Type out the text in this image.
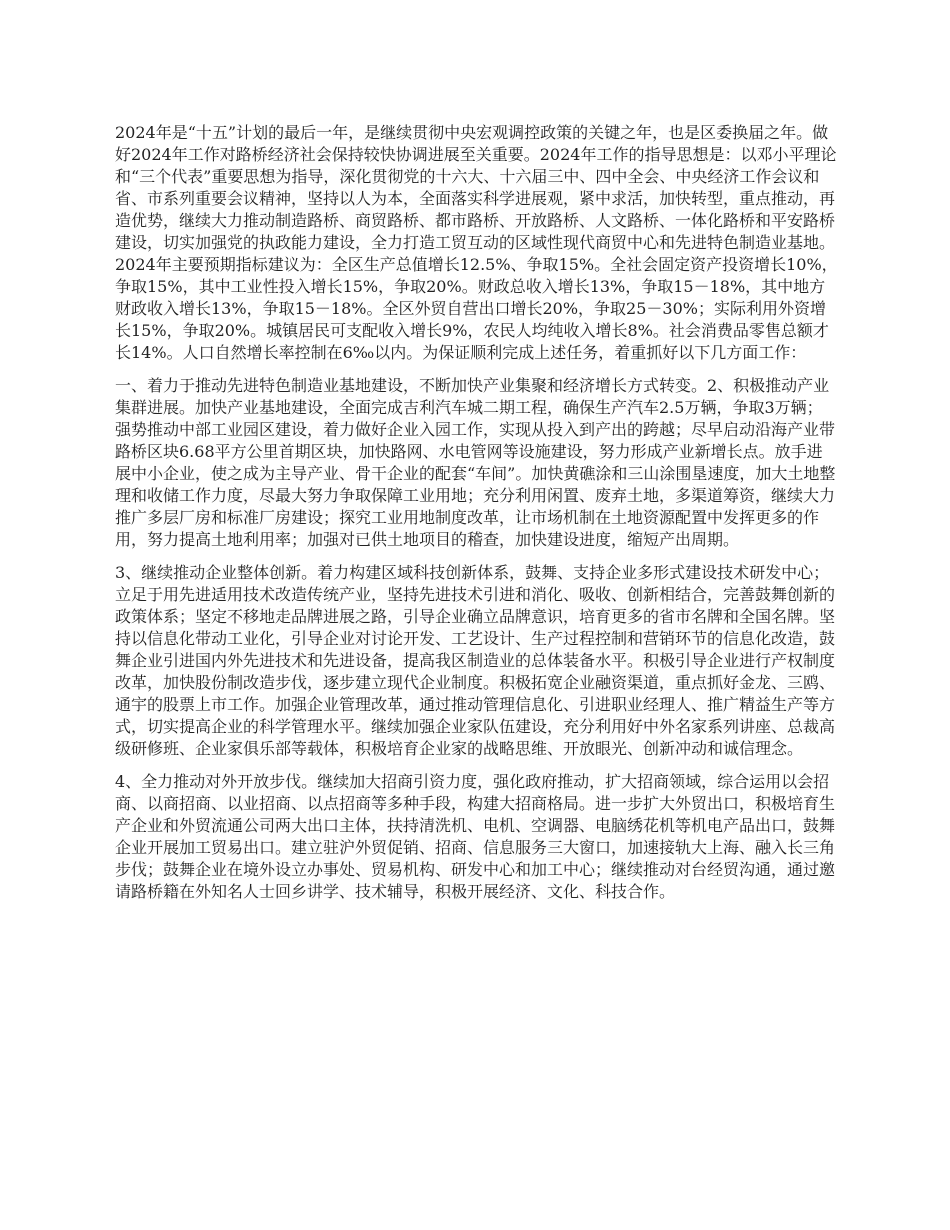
2024年是“十五”计划的最后一年，是继续贯彻中央宏观调控政策的关键之年，也是区委换届之年。做好2024年工作对路桥经济社会保持较快协调进展至关重要。2024年工作的指导思想是：以邓小平理论和“三个代表”重要思想为指导，深化贯彻党的十六大、十六届三中、四中全会、中央经济工作会议和省、市系列重要会议精神，坚持以人为本，全面落实科学进展观，紧中求活，加快转型，重点推动，再造优势，继续大力推动制造路桥、商贸路桥、都市路桥、开放路桥、人文路桥、一体化路桥和平安路桥建设，切实加强党的执政能力建设，全力打造工贸互动的区域性现代商贸中心和先进特色制造业基地。2024年主要预期指标建议为：全区生产总值增长12.5%、争取15%。全社会固定资产投资增长10%，争取15%，其中工业性投入增长15%，争取20%。财政总收入增长13%，争取15－18%，其中地方财政收入增长13%，争取15－18%。全区外贸自营出口增长20%，争取25－30%；实际利用外资增长15%，争取20%。城镇居民可支配收入增长9%，农民人均纯收入增长8%。社会消费品零售总额才长14%。人口自然增长率控制在6‰以内。为保证顺利完成上述任务，着重抓好以下几方面工作：

一、着力于推动先进特色制造业基地建设，不断加快产业集聚和经济增长方式转变。2、积极推动产业集群进展。加快产业基地建设，全面完成吉利汽车城二期工程，确保生产汽车2.5万辆，争取3万辆；强势推动中部工业园区建设，着力做好企业入园工作，实现从投入到产出的跨越；尽早启动沿海产业带路桥区块6.68平方公里首期区块，加快路网、水电管网等设施建设，努力形成产业新增长点。放手进展中小企业，使之成为主导产业、骨干企业的配套“车间”。加快黄礁涂和三山涂围垦速度，加大土地整理和收储工作力度，尽最大努力争取保障工业用地；充分利用闲置、废弃土地，多渠道筹资，继续大力推广多层厂房和标准厂房建设；探究工业用地制度改革，让市场机制在土地资源配置中发挥更多的作用，努力提高土地利用率；加强对已供土地项目的稽查，加快建设进度，缩短产出周期。

3、继续推动企业整体创新。着力构建区域科技创新体系，鼓舞、支持企业多形式建设技术研发中心；立足于用先进适用技术改造传统产业，坚持先进技术引进和消化、吸收、创新相结合，完善鼓舞创新的政策体系；坚定不移地走品牌进展之路，引导企业确立品牌意识，培育更多的省市名牌和全国名牌。坚持以信息化带动工业化，引导企业对讨论开发、工艺设计、生产过程控制和营销环节的信息化改造，鼓舞企业引进国内外先进技术和先进设备，提高我区制造业的总体装备水平。积极引导企业进行产权制度改革，加快股份制改造步伐，逐步建立现代企业制度。积极拓宽企业融资渠道，重点抓好金龙、三鸥、通宇的股票上市工作。加强企业管理改革，通过推动管理信息化、引进职业经理人、推广精益生产等方式，切实提高企业的科学管理水平。继续加强企业家队伍建设，充分利用好中外名家系列讲座、总裁高级研修班、企业家俱乐部等载体，积极培育企业家的战略思维、开放眼光、创新冲动和诚信理念。

4、全力推动对外开放步伐。继续加大招商引资力度，强化政府推动，扩大招商领域，综合运用以会招商、以商招商、以业招商、以点招商等多种手段，构建大招商格局。进一步扩大外贸出口，积极培育生产企业和外贸流通公司两大出口主体，扶持清洗机、电机、空调器、电脑绣花机等机电产品出口，鼓舞企业开展加工贸易出口。建立驻沪外贸促销、招商、信息服务三大窗口，加速接轨大上海、融入长三角步伐；鼓舞企业在境外设立办事处、贸易机构、研发中心和加工中心；继续推动对台经贸沟通，通过邀请路桥籍在外知名人士回乡讲学、技术辅导，积极开展经济、文化、科技合作。
